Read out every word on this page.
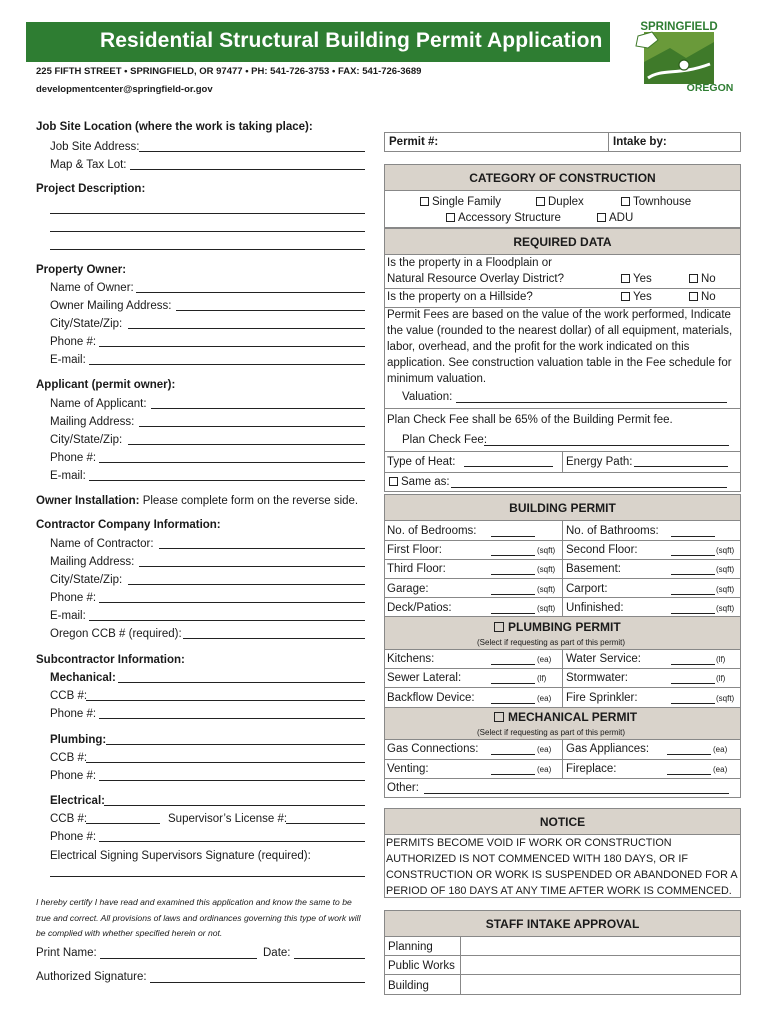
Residential Structural Building Permit Application
SPRINGFIELD
OREGON
225 FIFTH STREET • SPRINGFIELD, OR 97477 • PH: 541-726-3753 • FAX: 541-726-3689
developmentcenter@springfield-or.gov
Job Site Location (where the work is taking place):
Job Site Address:
Map & Tax Lot:
Project Description:
Property Owner:
Name of Owner:
Owner Mailing Address:
City/State/Zip:
Phone #:
E-mail:
Applicant (permit owner):
Name of Applicant:
Mailing Address:
City/State/Zip:
Phone #:
E-mail:
Owner Installation: Please complete form on the reverse side.
Contractor Company Information:
Name of Contractor:
Mailing Address:
City/State/Zip:
Phone #:
E-mail:
Oregon CCB # (required):
Subcontractor Information:
Mechanical:
CCB #:
Phone #:
Plumbing:
CCB #:
Phone #:
Electrical:
CCB #:	Supervisor’s License #:
Phone #:
Electrical Signing Supervisors Signature (required):
I hereby certify I have read and examined this application and know the same to be true and correct. All provisions of laws and ordinances governing this type of work will be complied with whether specified herein or not.
Print Name:	Date:
Authorized Signature:
Permit #:	Intake by:
CATEGORY OF CONSTRUCTION
Single Family	Duplex	Townhouse
Accessory Structure	ADU
REQUIRED DATA
Is the property in a Floodplain or
Natural Resource Overlay District?	Yes	No
Is the property on a Hillside?	Yes	No
Permit Fees are based on the value of the work performed, Indicate the value (rounded to the nearest dollar) of all equipment, materials, labor, overhead, and the profit for the work indicated on this application. See construction valuation table in the Fee schedule for minimum valuation.
Valuation:
Plan Check Fee shall be 65% of the Building Permit fee.
Plan Check Fee:
Type of Heat:	Energy Path:
Same as:
BUILDING PERMIT
No. of Bedrooms:	No. of Bathrooms:
First Floor:	(sqft) Second Floor:	(sqft)
Third Floor:	(sqft) Basement:	(sqft)
Garage:	(sqft) Carport:	(sqft)
Deck/Patios:	(sqft) Unfinished:	(sqft)
PLUMBING PERMIT
(Select if requesting as part of this permit)
Kitchens:	(ea) Water Service:	(lf)
Sewer Lateral:	(lf) Stormwater:	(lf)
Backflow Device:	(ea) Fire Sprinkler:	(sqft)
MECHANICAL PERMIT
(Select if requesting as part of this permit)
Gas Connections:	(ea) Gas Appliances:	(ea)
Venting:	(ea) Fireplace:	(ea)
Other:
NOTICE
PERMITS BECOME VOID IF WORK OR CONSTRUCTION AUTHORIZED IS NOT COMMENCED WITH 180 DAYS, OR IF CONSTRUCTION OR WORK IS SUSPENDED OR ABANDONED FOR A PERIOD OF 180 DAYS AT ANY TIME AFTER WORK IS COMMENCED.
STAFF INTAKE APPROVAL
Planning
Public Works
Building
